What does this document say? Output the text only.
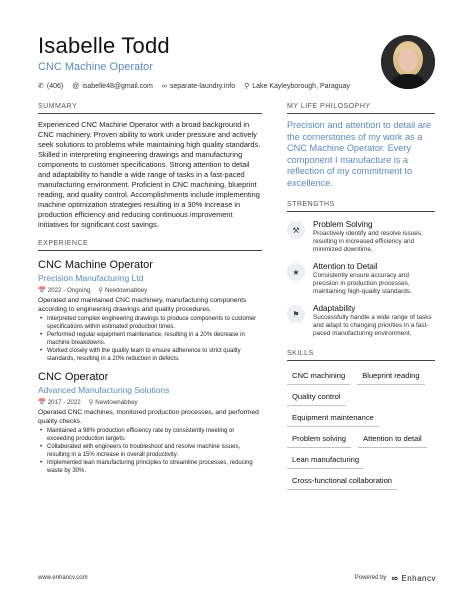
Isabelle Todd
CNC Machine Operator
✆ (406) @ isabelle48@gmail.com ∞ separate-laundry.info ⚲ Lake Kayleyborough, Paraguay
SUMMARY
Experienced CNC Machine Operator with a broad background in CNC machinery. Proven ability to work under pressure and actively seek solutions to problems while maintaining high quality standards. Skilled in interpreting engineering drawings and manufacturing components to customer specifications. Strong attention to detail and adaptability to handle a wide range of tasks in a fast-paced manufacturing environment. Proficient in CNC machining, blueprint reading, and quality control. Accomplishments include implementing machine optimization strategies resulting in a 30% increase in production efficiency and reducing continuous improvement initiatives for significant cost savings.
EXPERIENCE
CNC Machine Operator
Precision Manufacturing Ltd
📅 2022 - Ongoing ⚲ Newtownabbey
Operated and maintained CNC machinery, manufacturing components according to engineering drawings and quality procedures.
• Interpreted complex engineering drawings to produce components to customer specifications within estimated production times.
• Performed regular equipment maintenance, resulting in a 20% decrease in machine breakdowns.
• Worked closely with the quality team to ensure adherence to strict quality standards, resulting in a 20% reduction in defects.
CNC Operator
Advanced Manufacturing Solutions
📅 2017 - 2022 ⚲ Newtownabbey
Operated CNC machines, monitored production processes, and performed quality checks.
• Maintained a 98% production efficiency rate by consistently meeting or exceeding production targets.
• Collaborated with engineers to troubleshoot and resolve machine issues, resulting in a 15% increase in overall productivity.
• Implemented lean manufacturing principles to streamline processes, reducing waste by 30%.
MY LIFE PHILOSOPHY
Precision and attention to detail are the cornerstones of my work as a CNC Machine Operator. Every component I manufacture is a reflection of my commitment to excellence.
STRENGTHS
⚒
Problem Solving
Proactively identify and resolve issues, resulting in increased efficiency and minimized downtime.
★
Attention to Detail
Consistently ensure accuracy and precision in production processes, maintaining high-quality standards.
⚑
Adaptability
Successfully handle a wide range of tasks and adapt to changing priorities in a fast-paced manufacturing environment.
SKILLS
CNC machining	Blueprint reading
Quality control
Equipment maintenance
Problem solving	Attention to detail
Lean manufacturing
Cross-functional collaboration
www.enhancv.com	Powered by ∞ Enhancv
